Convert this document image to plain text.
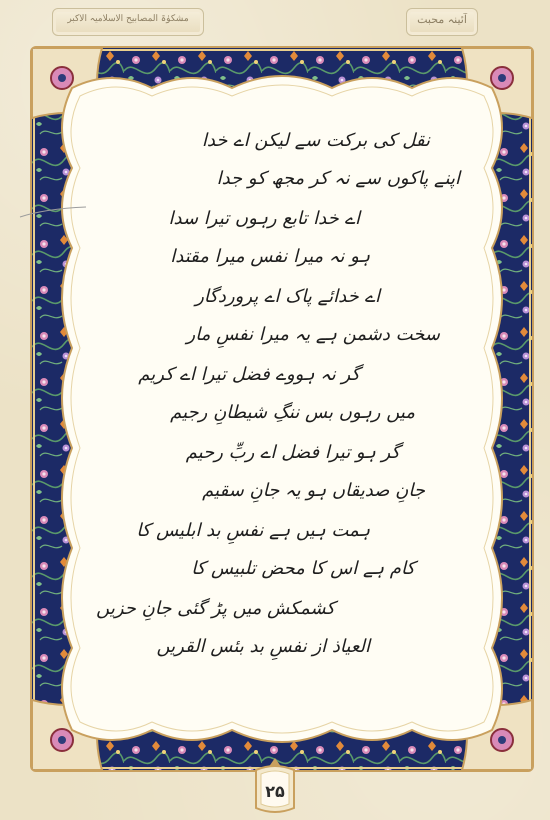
مشکوٰۃ المصابیح الاسلامیہ الاکبر	آئینہ محبت
نقل کی برکت سے لیکن اے خدا
اپنے پاکوں سے نہ کر مجھ کو جدا
اے خدا تابع رہوں تیرا سدا
ہو نہ میرا نفس میرا مقتدا
اے خدائے پاک اے پروردگار
سخت دشمن ہے یہ میرا نفسِ مار
گر نہ ہووے فضل تیرا اے کریم
میں رہوں بس ننگِ شیطانِ رجیم
گر ہو تیرا فضل اے ربِّ رحیم
جانِ صدیقاں ہو یہ جانِ سقیم
ہمت ہیں ہے نفسِ بد ابلیس کا
کام ہے اس کا محض تلبیس کا
کشمکش میں پڑ گئی جانِ حزیں
العیاذ از نفسِ بد بئس القریں
۲۵
